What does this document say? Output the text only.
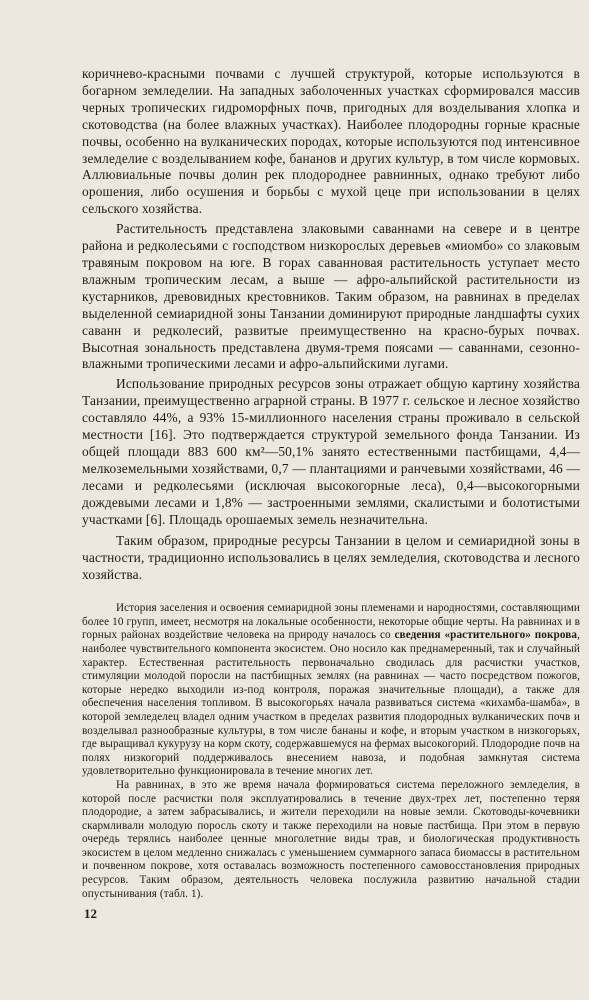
коричнево-красными почвами с лучшей структурой, которые используются в богарном земледелии. На западных заболоченных участках сформировался массив черных тропических гидроморфных почв, пригодных для возделывания хлопка и скотоводства (на более влажных участках). Наиболее плодородны горные красные почвы, особенно на вулканических породах, которые используются под интенсивное земледелие с возделыванием кофе, бананов и других культур, в том числе кормовых. Аллювиальные почвы долин рек плодороднее равнинных, однако требуют либо орошения, либо осушения и борьбы с мухой цеце при использовании в целях сельского хозяйства.

Растительность представлена злаковыми саваннами на севере и в центре района и редколесьями с господством низкорослых деревьев «миомбо» со злаковым травяным покровом на юге. В горах саванновая растительность уступает место влажным тропическим лесам, а выше — афро-альпийской растительности из кустарников, древовидных крестовников. Таким образом, на равнинах в пределах выделенной семиаридной зоны Танзании доминируют природные ландшафты сухих саванн и редколесий, развитые преимущественно на красно-бурых почвах. Высотная зональность представлена двумя-тремя поясами — саваннами, сезонно-влажными тропическими лесами и афро-альпийскими лугами.

Использование природных ресурсов зоны отражает общую картину хозяйства Танзании, преимущественно аграрной страны. В 1977 г. сельское и лесное хозяйство составляло 44%, а 93% 15-миллионного населения страны проживало в сельской местности [16]. Это подтверждается структурой земельного фонда Танзании. Из общей площади 883 600 км²—50,1% занято естественными пастбищами, 4,4—мелкоземельными хозяйствами, 0,7 — плантациями и ранчевыми хозяйствами, 46 — лесами и редколесьями (исключая высокогорные леса), 0,4—высокогорными дождевыми лесами и 1,8% — застроенными землями, скалистыми и болотистыми участками [6]. Площадь орошаемых земель незначительна.

Таким образом, природные ресурсы Танзании в целом и семиаридной зоны в частности, традиционно использовались в целях земледелия, скотоводства и лесного хозяйства.

История заселения и освоения семиаридной зоны племенами и народностями, составляющими более 10 групп, имеет, несмотря на локальные особенности, некоторые общие черты. На равнинах и в горных районах воздействие человека на природу началось со сведения «растительного» покрова, наиболее чувствительного компонента экосистем. Оно носило как преднамеренный, так и случайный характер. Естественная растительность первоначально сводилась для расчистки участков, стимуляции молодой поросли на пастбищных землях (на равнинах — часто посредством пожогов, которые нередко выходили из-под контроля, поражая значительные площади), а также для обеспечения населения топливом. В высокогорьях начала развиваться система «кихамба-шамба», в которой земледелец владел одним участком в пределах развития плодородных вулканических почв и возделывал разнообразные культуры, в том числе бананы и кофе, и вторым участком в низкогорьях, где выращивал кукурузу на корм скоту, содержавшемуся на фермах высокогорий. Плодородие почв на полях низкогорий поддерживалось внесением навоза, и подобная замкнутая система удовлетворительно функционировала в течение многих лет.

На равнинах, в это же время начала формироваться система переложного земледелия, в которой после расчистки поля эксплуатировались в течение двух-трех лет, постепенно теряя плодородие, а затем забрасывались, и жители переходили на новые земли. Скотоводы-кочевники скармливали молодую поросль скоту и также переходили на новые пастбища. При этом в первую очередь терялись наиболее ценные многолетние виды трав, и биологическая продуктивность экосистем в целом медленно снижалась с уменьшением суммарного запаса биомассы в растительном и почвенном покрове, хотя оставалась возможность постепенного самовосстановления природных ресурсов. Таким образом, деятельность человека послужила развитию начальной стадии опустынивания (табл. 1).

12
